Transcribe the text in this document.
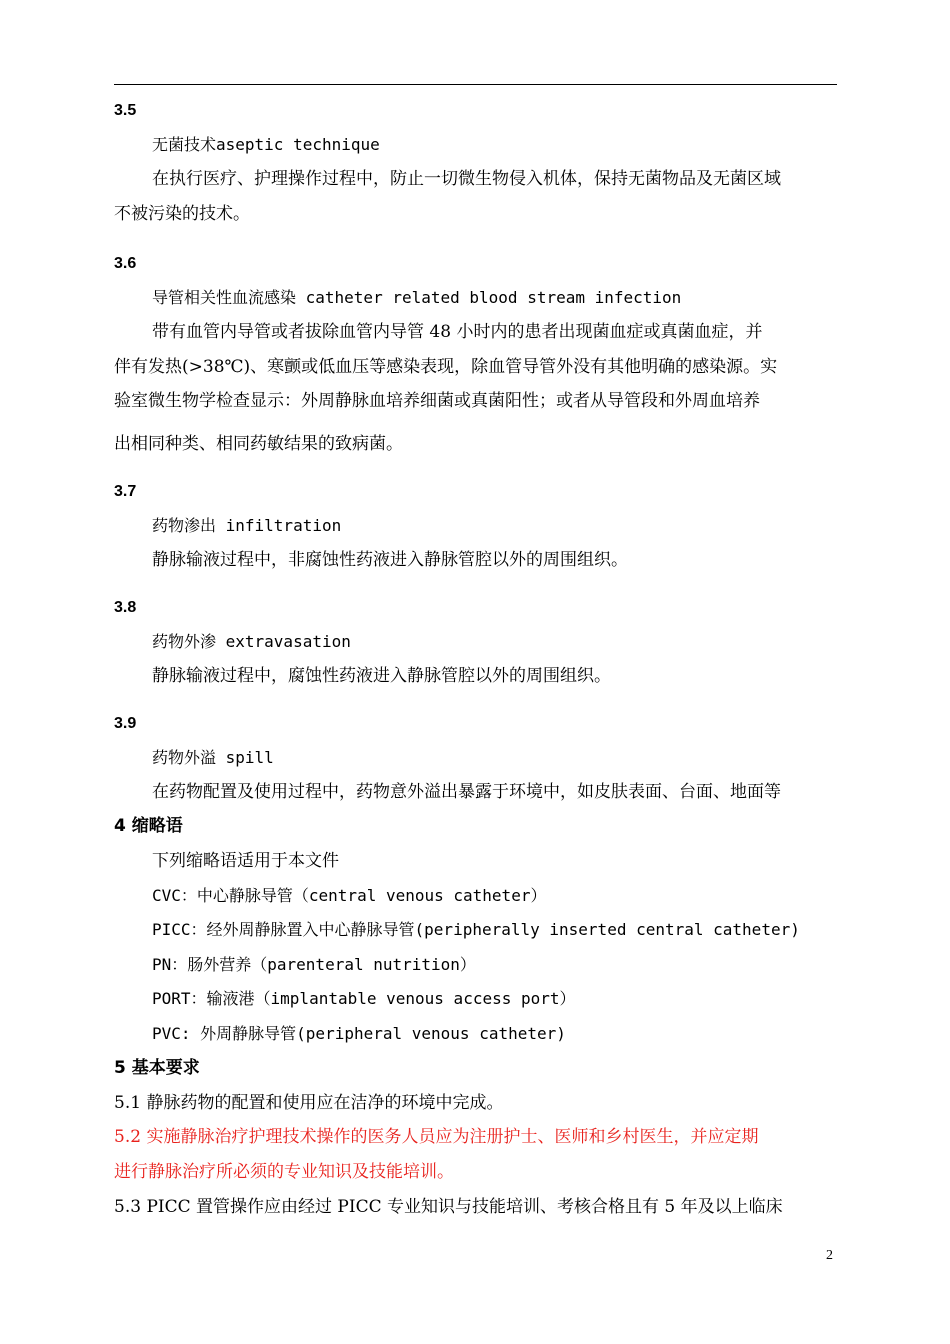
3.5
无菌技术aseptic technique
在执行医疗、护理操作过程中，防止一切微生物侵入机体，保持无菌物品及无菌区域
不被污染的技术。
3.6
导管相关性血流感染 catheter related blood stream infection
带有血管内导管或者拔除血管内导管 48 小时内的患者出现菌血症或真菌血症，并
伴有发热(>38℃)、寒颤或低血压等感染表现，除血管导管外没有其他明确的感染源。实
验室微生物学检查显示：外周静脉血培养细菌或真菌阳性；或者从导管段和外周血培养
出相同种类、相同药敏结果的致病菌。
3.7
药物渗出 infiltration
静脉输液过程中，非腐蚀性药液进入静脉管腔以外的周围组织。
3.8
药物外渗 extravasation
静脉输液过程中，腐蚀性药液进入静脉管腔以外的周围组织。
3.9
药物外溢 spill
在药物配置及使用过程中，药物意外溢出暴露于环境中，如皮肤表面、台面、地面等
4 缩略语
下列缩略语适用于本文件
CVC：中心静脉导管（central venous catheter）
PICC：经外周静脉置入中心静脉导管(peripherally inserted central catheter)
PN：肠外营养（parenteral nutrition）
PORT：输液港（implantable venous access port）
PVC: 外周静脉导管(peripheral venous catheter)
5 基本要求
5.1 静脉药物的配置和使用应在洁净的环境中完成。
5.2 实施静脉治疗护理技术操作的医务人员应为注册护士、医师和乡村医生，并应定期
进行静脉治疗所必须的专业知识及技能培训。
5.3 PICC 置管操作应由经过 PICC 专业知识与技能培训、考核合格且有 5 年及以上临床
2
